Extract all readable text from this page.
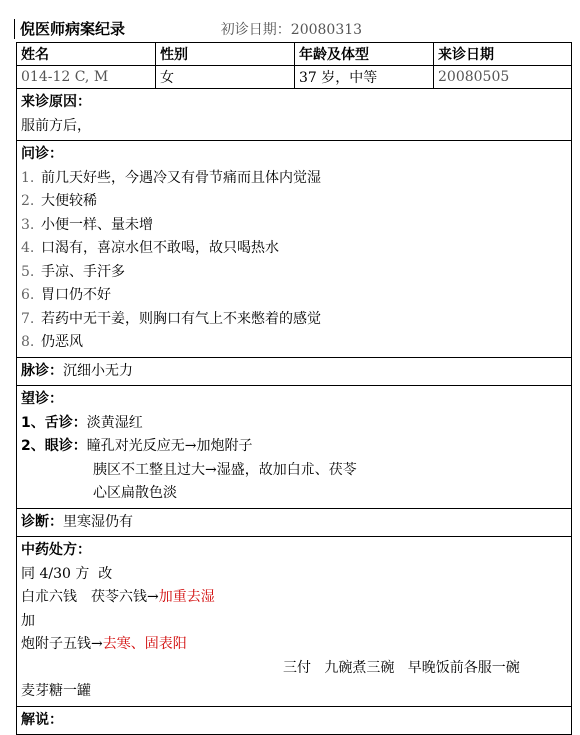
倪医师病案纪录	初诊日期：20080313
姓名	性别	年龄及体型	来诊日期
014-12 C, M	女	37 岁，中等	20080505
来诊原因：
服前方后，
问诊：
1. 前几天好些，今遇冷又有骨节痛而且体内觉湿
2. 大便较稀
3. 小便一样、量未增
4. 口渴有，喜凉水但不敢喝，故只喝热水
5. 手凉、手汗多
6. 胃口仍不好
7. 若药中无干姜，则胸口有气上不来憋着的感觉
8. 仍恶风
脉诊：沉细小无力
望诊：
1、舌诊：淡黄湿红
2、眼诊：瞳孔对光反应无→加炮附子
胰区不工整且过大→湿盛，故加白朮、茯苓
心区扁散色淡
诊断：里寒湿仍有
中药处方：
同 4/30 方  改
白朮六钱 茯苓六钱→加重去湿
加
炮附子五钱→去寒、固表阳
三付   九碗煮三碗   早晚饭前各服一碗
麦芽糖一罐
解说：
